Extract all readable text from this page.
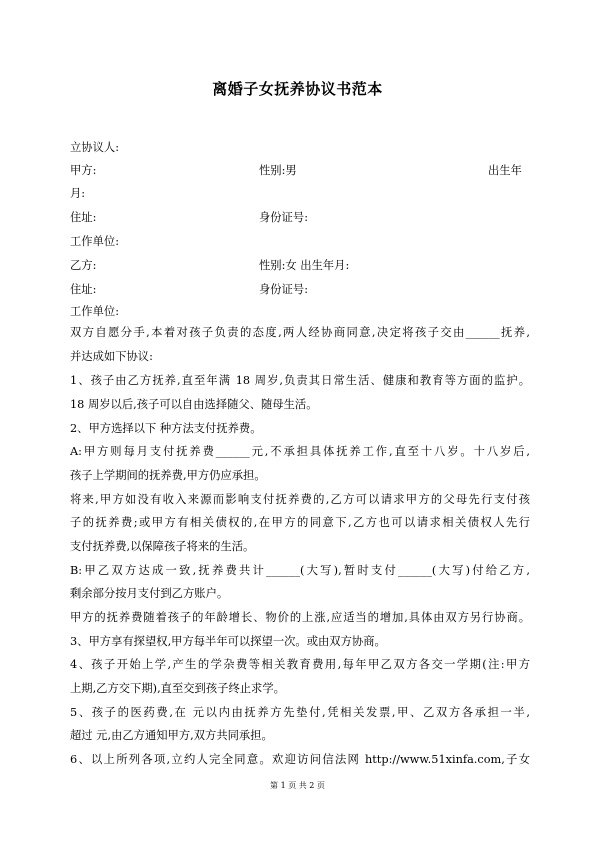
离婚子女抚养协议书范本
立协议人:
甲方:	性别:男	出生年
月:
住址:	身份证号:
工作单位:
乙方:	性别:女 出生年月:
住址:	身份证号:
工作单位:
双方自愿分手,本着对孩子负责的态度,两人经协商同意,决定将孩子交由______抚养,
并达成如下协议:
1、孩子由乙方抚养,直至年满 18 周岁,负责其日常生活、健康和教育等方面的监护。
18 周岁以后,孩子可以自由选择随父、随母生活。
2、甲方选择以下 种方法支付抚养费。
A:甲方则每月支付抚养费______元,不承担具体抚养工作,直至十八岁。十八岁后,
孩子上学期间的抚养费,甲方仍应承担。
将来,甲方如没有收入来源而影响支付抚养费的,乙方可以请求甲方的父母先行支付孩
子的抚养费;或甲方有相关债权的,在甲方的同意下,乙方也可以请求相关债权人先行
支付抚养费,以保障孩子将来的生活。
B:甲乙双方达成一致,抚养费共计______(大写),暂时支付______(大写)付给乙方,
剩余部分按月支付到乙方账户。
甲方的抚养费随着孩子的年龄增长、物价的上涨,应适当的增加,具体由双方另行协商。
3、甲方享有探望权,甲方每半年可以探望一次。或由双方协商。
4、孩子开始上学,产生的学杂费等相关教育费用,每年甲乙双方各交一学期(注:甲方
上期,乙方交下期),直至交到孩子终止求学。
5、孩子的医药费,在 元以内由抚养方先垫付,凭相关发票,甲、乙双方各承担一半,
超过 元,由乙方通知甲方,双方共同承担。
6、以上所列各项,立约人完全同意。欢迎访问信法网 http://www.51xinfa.com,子女
第 1 页 共 2 页
